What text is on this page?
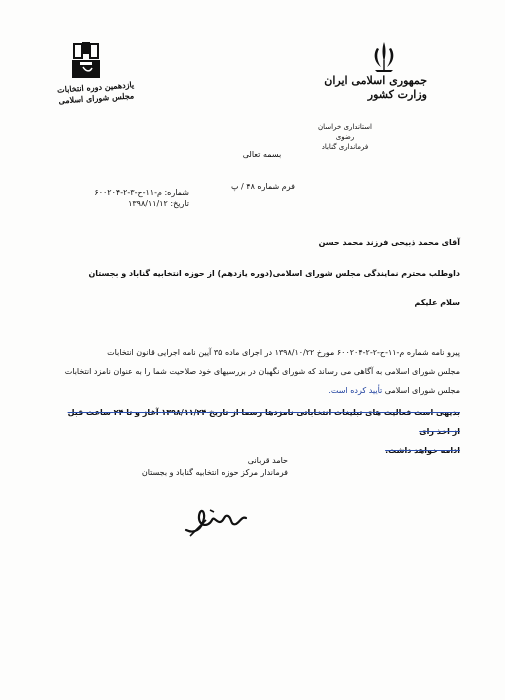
جمهوری اسلامی ایران
وزارت کشور
استانداری خراسان
رضوی
فرمانداری گناباد
یازدهمین دوره انتخابات
مجلس شورای اسلامی
بسمه تعالی
فرم شماره ۴۸ / پ
شماره: م-۱۱-ح-۳-۲-۶۰۰۲۰۴
تاریخ: ۱۳۹۸/۱۱/۱۲
آقای محمد ذبیحی فرزند محمد حسن
داوطلب محترم نمایندگی مجلس شورای اسلامی(دوره یازدهم) از حوزه انتخابیه گناباد و بجستان
سلام علیکم
پیرو نامه شماره م-۱۱-ح-۲-۲-۶۰۰۲۰۴ مورخ ۱۳۹۸/۱۰/۲۲ در اجرای ماده ۳۵ آیین نامه اجرایی قانون انتخابات
مجلس شورای اسلامی به آگاهی می رساند که شورای نگهبان در بررسیهای خود صلاحیت شما را به عنوان نامزد انتخابات
مجلس شورای اسلامی تأیید کرده است.
بدیهی است فعالیت های تبلیغات انتخاباتی نامزدها رسما از تاریخ ۱۳۹۸/۱۱/۲۴ آغاز و تا ۲۴ ساعت قبل از اخذ رای
ادامه خواهد داشت.
حامد قربانی
فرماندار مرکز حوزه انتخابیه گناباد و بجستان
